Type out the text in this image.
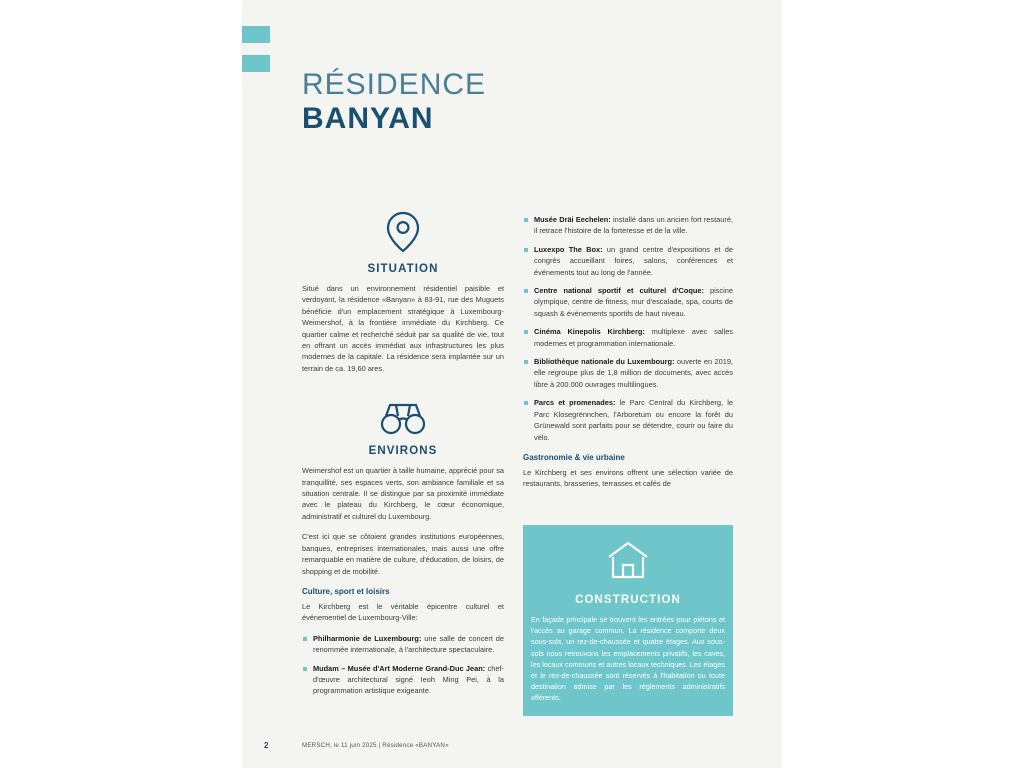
RÉSIDENCE
BANYAN
SITUATION

Situé dans un environnement résidentiel paisible et verdoyant, la résidence «Banyan» à 83-91, rue des Muguets bénéficie d'un emplacement stratégique à Luxembourg-Weimershof, à la frontière immédiate du Kirchberg. Ce quartier calme et recherché séduit par sa qualité de vie, tout en offrant un accès immédiat aux infrastructures les plus modernes de la capitale. La résidence sera implantée sur un terrain de ca. 19,60 ares.

ENVIRONS

Weimershof est un quartier à taille humaine, apprécié pour sa tranquillité, ses espaces verts, son ambiance familiale et sa situation centrale. Il se distingue par sa proximité immédiate avec le plateau du Kirchberg, le cœur économique, administratif et culturel du Luxembourg.

C'est ici que se côtoient grandes institutions européennes, banques, entreprises internationales, mais aussi une offre remarquable en matière de culture, d'éducation, de loisirs, de shopping et de mobilité.

Culture, sport et loisirs

Le Kirchberg est le véritable épicentre culturel et événementiel de Luxembourg-Ville:

Philharmonie de Luxembourg: une salle de concert de renommée internationale, à l'architecture spectaculaire.
Mudam – Musée d'Art Moderne Grand-Duc Jean: chef-d'œuvre architectural signé Ieoh Ming Pei, à la programmation artistique exigeante.
Musée Dräi Eechelen: installé dans un ancien fort restauré, il retrace l'histoire de la forteresse et de la ville.
Luxexpo The Box: un grand centre d'expositions et de congrès accueillant foires, salons, conférences et événements tout au long de l'année.
Centre national sportif et culturel d'Coque: piscine olympique, centre de fitness, mur d'escalade, spa, courts de squash & événements sportifs de haut niveau.
Cinéma Kinepolis Kirchberg: multiplexe avec salles modernes et programmation internationale.
Bibliothèque nationale du Luxembourg: ouverte en 2019, elle regroupe plus de 1,8 million de documents, avec accès libre à 200.000 ouvrages multilingues.
Parcs et promenades: le Parc Central du Kirchberg, le Parc Klosegrënnchen, l'Arboretum ou encore la forêt du Grünewald sont parfaits pour se détendre, courir ou faire du vélo.
Gastronomie & vie urbaine

Le Kirchberg et ses environs offrent une sélection variée de restaurants, brasseries, terrasses et cafés de

CONSTRUCTION

En façade principale se trouvent les entrées pour piétons et l'accès au garage commun. La résidence comporte deux sous-sols, un rez-de-chaussée et quatre étages. Aux sous-sols nous retrouvons les emplacements privatifs, les caves, les locaux communs et autres locaux techniques. Les étages et le rez-de-chaussée sont réservés à l'habitation ou toute destination admise par les règlements administratifs afférents.

2	MERSCH, le 11 juin 2025 | Résidence «BANYAN»
